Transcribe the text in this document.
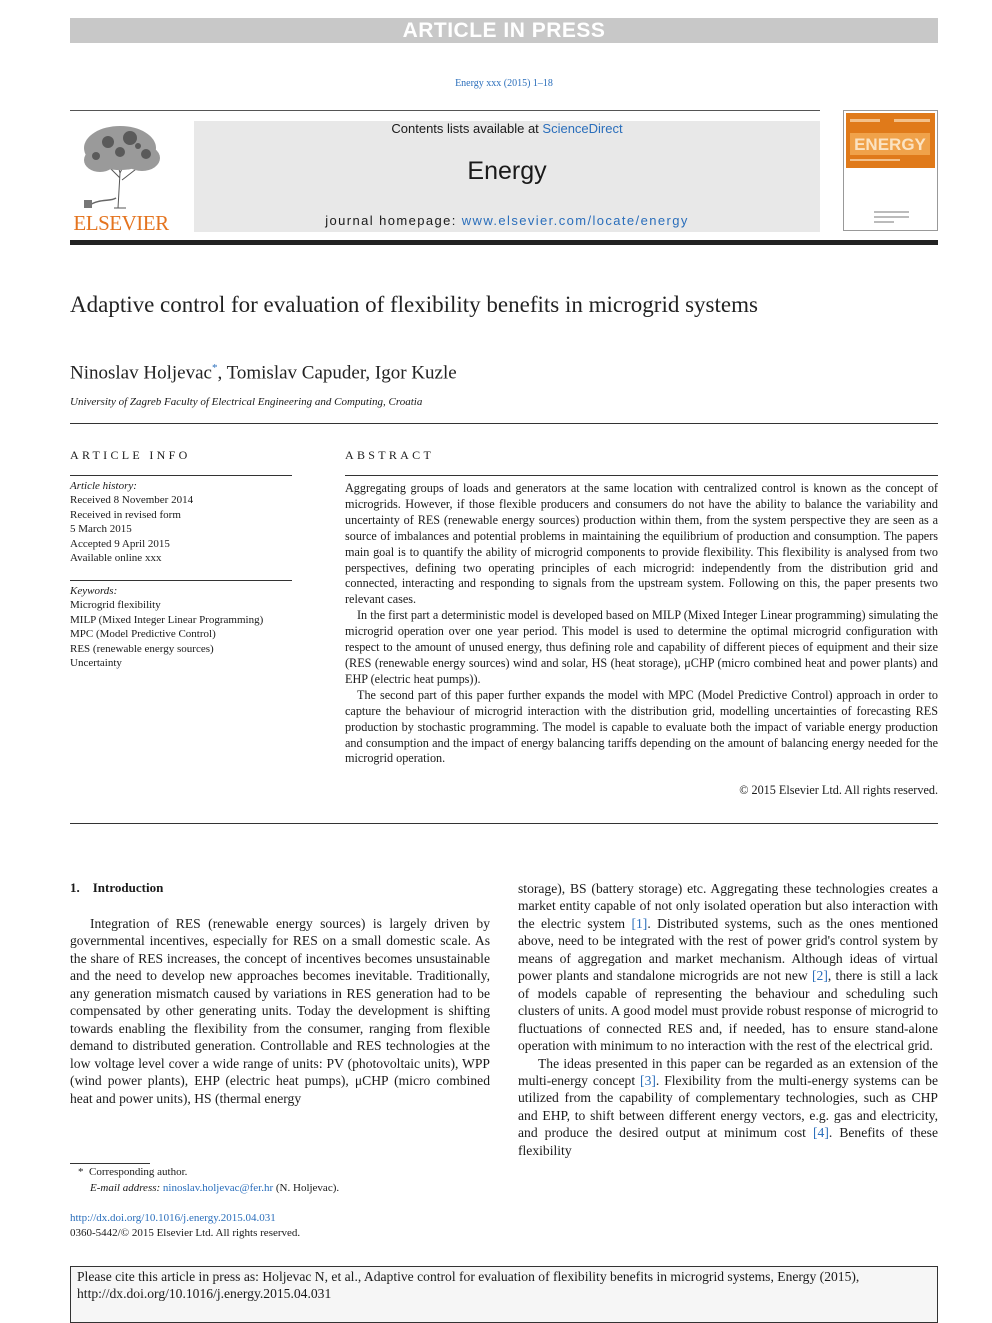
ARTICLE IN PRESS
Energy xxx (2015) 1–18
ELSEVIER
Contents lists available at ScienceDirect
Energy
journal homepage: www.elsevier.com/locate/energy
ENERGY
Adaptive control for evaluation of flexibility benefits in microgrid systems
Ninoslav Holjevac*, Tomislav Capuder, Igor Kuzle
University of Zagreb Faculty of Electrical Engineering and Computing, Croatia
ARTICLE INFO
Article history:
Received 8 November 2014
Received in revised form
5 March 2015
Accepted 9 April 2015
Available online xxx
Keywords:
Microgrid flexibility
MILP (Mixed Integer Linear Programming)
MPC (Model Predictive Control)
RES (renewable energy sources)
Uncertainty
ABSTRACT

Aggregating groups of loads and generators at the same location with centralized control is known as the concept of microgrids. However, if those flexible producers and consumers do not have the ability to balance the variability and uncertainty of RES (renewable energy sources) production within them, from the system perspective they are seen as a source of imbalances and potential problems in maintaining the equilibrium of production and consumption. The papers main goal is to quantify the ability of microgrid components to provide flexibility. This flexibility is analysed from two perspectives, defining two operating principles of each microgrid: independently from the distribution grid and connected, interacting and responding to signals from the upstream system. Following on this, the paper presents two relevant cases.

In the first part a deterministic model is developed based on MILP (Mixed Integer Linear programming) simulating the microgrid operation over one year period. This model is used to determine the optimal microgrid configuration with respect to the amount of unused energy, thus defining role and capability of different pieces of equipment and their size (RES (renewable energy sources) wind and solar, HS (heat storage), μCHP (micro combined heat and power plants) and EHP (electric heat pumps)).

The second part of this paper further expands the model with MPC (Model Predictive Control) approach in order to capture the behaviour of microgrid interaction with the distribution grid, modelling uncertainties of forecasting RES production by stochastic programming. The model is capable to evaluate both the impact of variable energy production and consumption and the impact of energy balancing tariffs depending on the amount of balancing energy needed for the microgrid operation.

© 2015 Elsevier Ltd. All rights reserved.
1. Introduction

Integration of RES (renewable energy sources) is largely driven by governmental incentives, especially for RES on a small domestic scale. As the share of RES increases, the concept of incentives becomes unsustainable and the need to develop new approaches becomes inevitable. Traditionally, any generation mismatch caused by variations in RES generation had to be compensated by other generating units. Today the development is shifting towards enabling the flexibility from the consumer, ranging from flexible demand to distributed generation. Controllable and RES technologies at the low voltage level cover a wide range of units: PV (photovoltaic units), WPP (wind power plants), EHP (electric heat pumps), μCHP (micro combined heat and power units), HS (thermal energy

storage), BS (battery storage) etc. Aggregating these technologies creates a market entity capable of not only isolated operation but also interaction with the electric system [1]. Distributed systems, such as the ones mentioned above, need to be integrated with the rest of power grid's control system by means of aggregation and market mechanism. Although ideas of virtual power plants and standalone microgrids are not new [2], there is still a lack of models capable of representing the behaviour and scheduling such clusters of units. A good model must provide robust response of microgrid to fluctuations of connected RES and, if needed, has to ensure stand-alone operation with minimum to no interaction with the rest of the electrical grid.

The ideas presented in this paper can be regarded as an extension of the multi-energy concept [3]. Flexibility from the multi-energy systems can be utilized from the capability of complementary technologies, such as CHP and EHP, to shift between different energy vectors, e.g. gas and electricity, and produce the desired output at minimum cost [4]. Benefits of these flexibility

* Corresponding author.
E-mail address: ninoslav.holjevac@fer.hr (N. Holjevac).
http://dx.doi.org/10.1016/j.energy.2015.04.031
0360-5442/© 2015 Elsevier Ltd. All rights reserved.
Please cite this article in press as: Holjevac N, et al., Adaptive control for evaluation of flexibility benefits in microgrid systems, Energy (2015), http://dx.doi.org/10.1016/j.energy.2015.04.031
